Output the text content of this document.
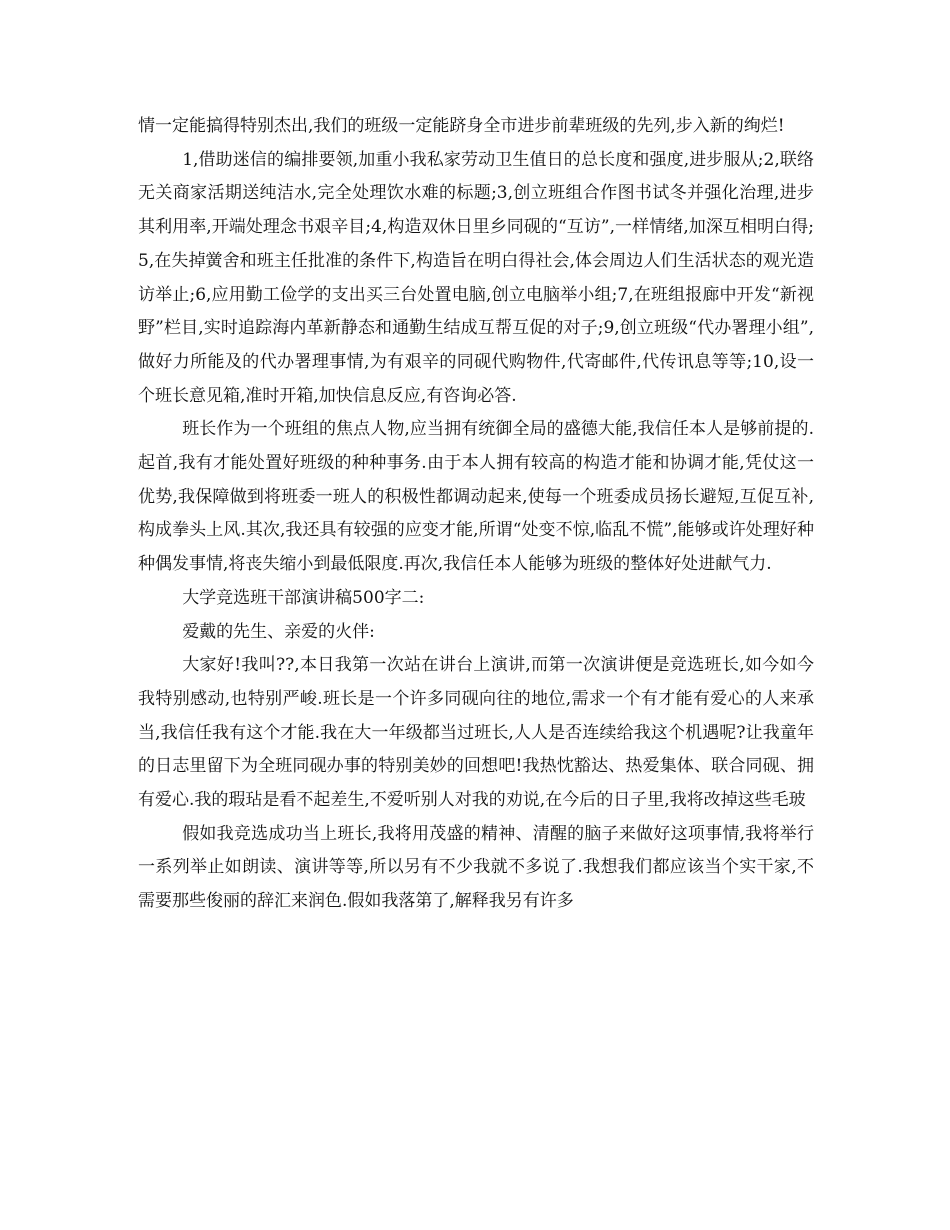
情一定能搞得特别杰出,我们的班级一定能跻身全市进步前辈班级的先列,步入新的绚烂!

1,借助迷信的编排要领,加重小我私家劳动卫生值日的总长度和强度,进步服从;2,联络无关商家活期送纯洁水,完全处理饮水难的标题;3,创立班组合作图书试冬并强化治理,进步其利用率,开端处理念书艰辛目;4,构造双休日里乡同砚的“互访”,一样情绪,加深互相明白得;5,在失掉黉舍和班主任批准的条件下,构造旨在明白得社会,体会周边人们生活状态的观光造访举止;6,应用勤工俭学的支出买三台处置电脑,创立电脑举小组;7,在班组报廊中开发“新视野”栏目,实时追踪海内革新静态和通勤生结成互帮互促的对子;9,创立班级“代办署理小组”,做好力所能及的代办署理事情,为有艰辛的同砚代购物件,代寄邮件,代传讯息等等;10,设一个班长意见箱,准时开箱,加快信息反应,有咨询必答.

班长作为一个班组的焦点人物,应当拥有统御全局的盛德大能,我信任本人是够前提的.起首,我有才能处置好班级的种种事务.由于本人拥有较高的构造才能和协调才能,凭仗这一优势,我保障做到将班委一班人的积极性都调动起来,使每一个班委成员扬长避短,互促互补,构成拳头上风.其次,我还具有较强的应变才能,所谓“处变不惊,临乱不慌”,能够或许处理好种种偶发事情,将丧失缩小到最低限度.再次,我信任本人能够为班级的整体好处进献气力.

大学竞选班干部演讲稿500字二:

爱戴的先生、亲爱的火伴:

大家好!我叫??,本日我第一次站在讲台上演讲,而第一次演讲便是竞选班长,如今如今我特别感动,也特别严峻.班长是一个许多同砚向往的地位,需求一个有才能有爱心的人来承当,我信任我有这个才能.我在大一年级都当过班长,人人是否连续给我这个机遇呢?让我童年的日志里留下为全班同砚办事的特别美妙的回想吧!我热忱豁达、热爱集体、联合同砚、拥有爱心.我的瑕玷是看不起差生,不爱听别人对我的劝说,在今后的日子里,我将改掉这些毛玻

假如我竞选成功当上班长,我将用茂盛的精神、清醒的脑子来做好这项事情,我将举行一系列举止如朗读、演讲等等,所以另有不少我就不多说了.我想我们都应该当个实干家,不需要那些俊丽的辞汇来润色.假如我落第了,解释我另有许多
